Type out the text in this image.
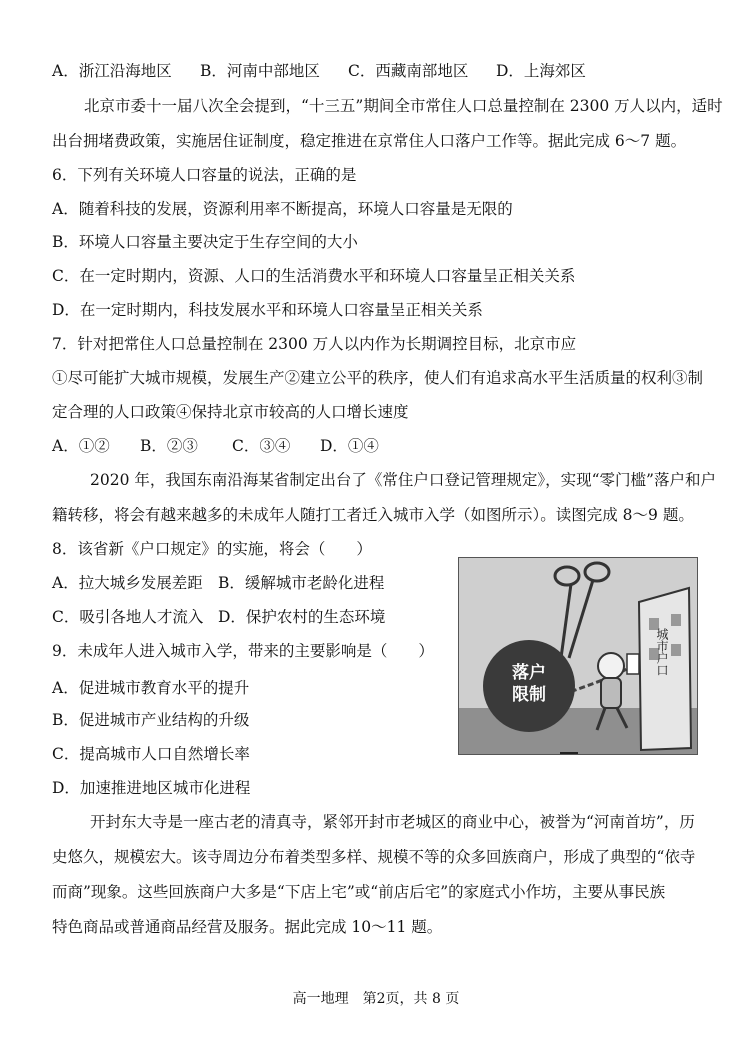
A．浙江沿海地区 B．河南中部地区 C．西藏南部地区 D．上海郊区
北京市委十一届八次全会提到，“十三五”期间全市常住人口总量控制在 2300 万人以内，适时
出台拥堵费政策，实施居住证制度，稳定推进在京常住人口落户工作等。据此完成 6～7 题。
6．下列有关环境人口容量的说法，正确的是
A．随着科技的发展，资源利用率不断提高，环境人口容量是无限的
B．环境人口容量主要决定于生存空间的大小
C．在一定时期内，资源、人口的生活消费水平和环境人口容量呈正相关关系
D．在一定时期内，科技发展水平和环境人口容量呈正相关关系
7．针对把常住人口总量控制在 2300 万人以内作为长期调控目标，北京市应
①尽可能扩大城市规模，发展生产②建立公平的秩序，使人们有追求高水平生活质量的权利③制
定合理的人口政策④保持北京市较高的人口增长速度
A．①② B．②③ C．③④ D．①④
2020 年，我国东南沿海某省制定出台了《常住户口登记管理规定》，实现“零门槛”落户和户
籍转移，将会有越来越多的未成年人随打工者迁入城市入学（如图所示）。读图完成 8～9 题。
8．该省新《户口规定》的实施，将会（　　）
A．拉大城乡发展差距 B．缓解城市老龄化进程
C．吸引各地人才流入 D．保护农村的生态环境
9．未成年人进入城市入学，带来的主要影响是（　　）
A．促进城市教育水平的提升
B．促进城市产业结构的升级
C．提高城市人口自然增长率
D．加速推进地区城市化进程
落户
限制
城市户口
开封东大寺是一座古老的清真寺，紧邻开封市老城区的商业中心，被誉为“河南首坊”，历
史悠久，规模宏大。该寺周边分布着类型多样、规模不等的众多回族商户，形成了典型的“依寺
而商”现象。这些回族商户大多是“下店上宅”或“前店后宅”的家庭式小作坊，主要从事民族
特色商品或普通商品经营及服务。据此完成 10～11 题。
高一地理　第2页，共 8 页
